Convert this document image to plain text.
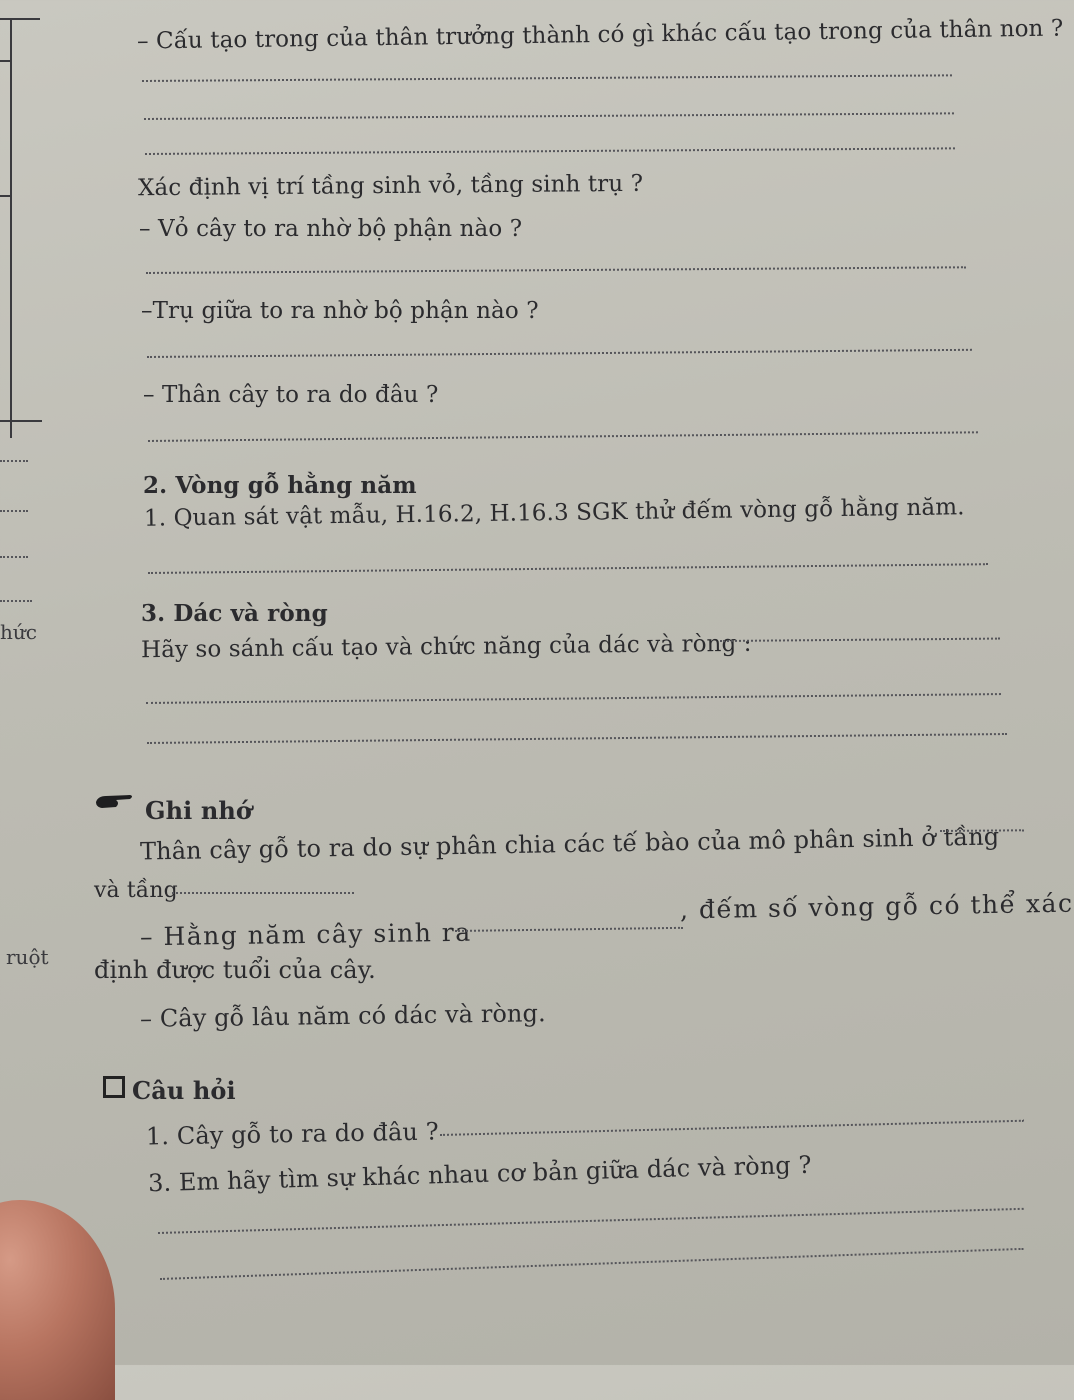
hức
ruột
– Cấu tạo trong của thân trưởng thành có gì khác cấu tạo trong của thân non ?
Xác định vị trí tầng sinh vỏ, tầng sinh trụ ?
– Vỏ cây to ra nhờ bộ phận nào ?
–Trụ giữa to ra nhờ bộ phận nào ?
– Thân cây to ra do đâu ?
2. Vòng gỗ hằng năm
1. Quan sát vật mẫu, H.16.2, H.16.3 SGK thử đếm vòng gỗ hằng năm.
3. Dác và ròng
Hãy so sánh cấu tạo và chức năng của dác và ròng :
Ghi nhớ
Thân cây gỗ to ra do sự phân chia các tế bào của mô phân sinh ở tầng
và tầng
– Hằng năm cây sinh ra
, đếm số vòng gỗ có thể xác
định được tuổi của cây.
– Cây gỗ lâu năm có dác và ròng.
Câu hỏi
1. Cây gỗ to ra do đâu ?
3. Em hãy tìm sự khác nhau cơ bản giữa dác và ròng ?
